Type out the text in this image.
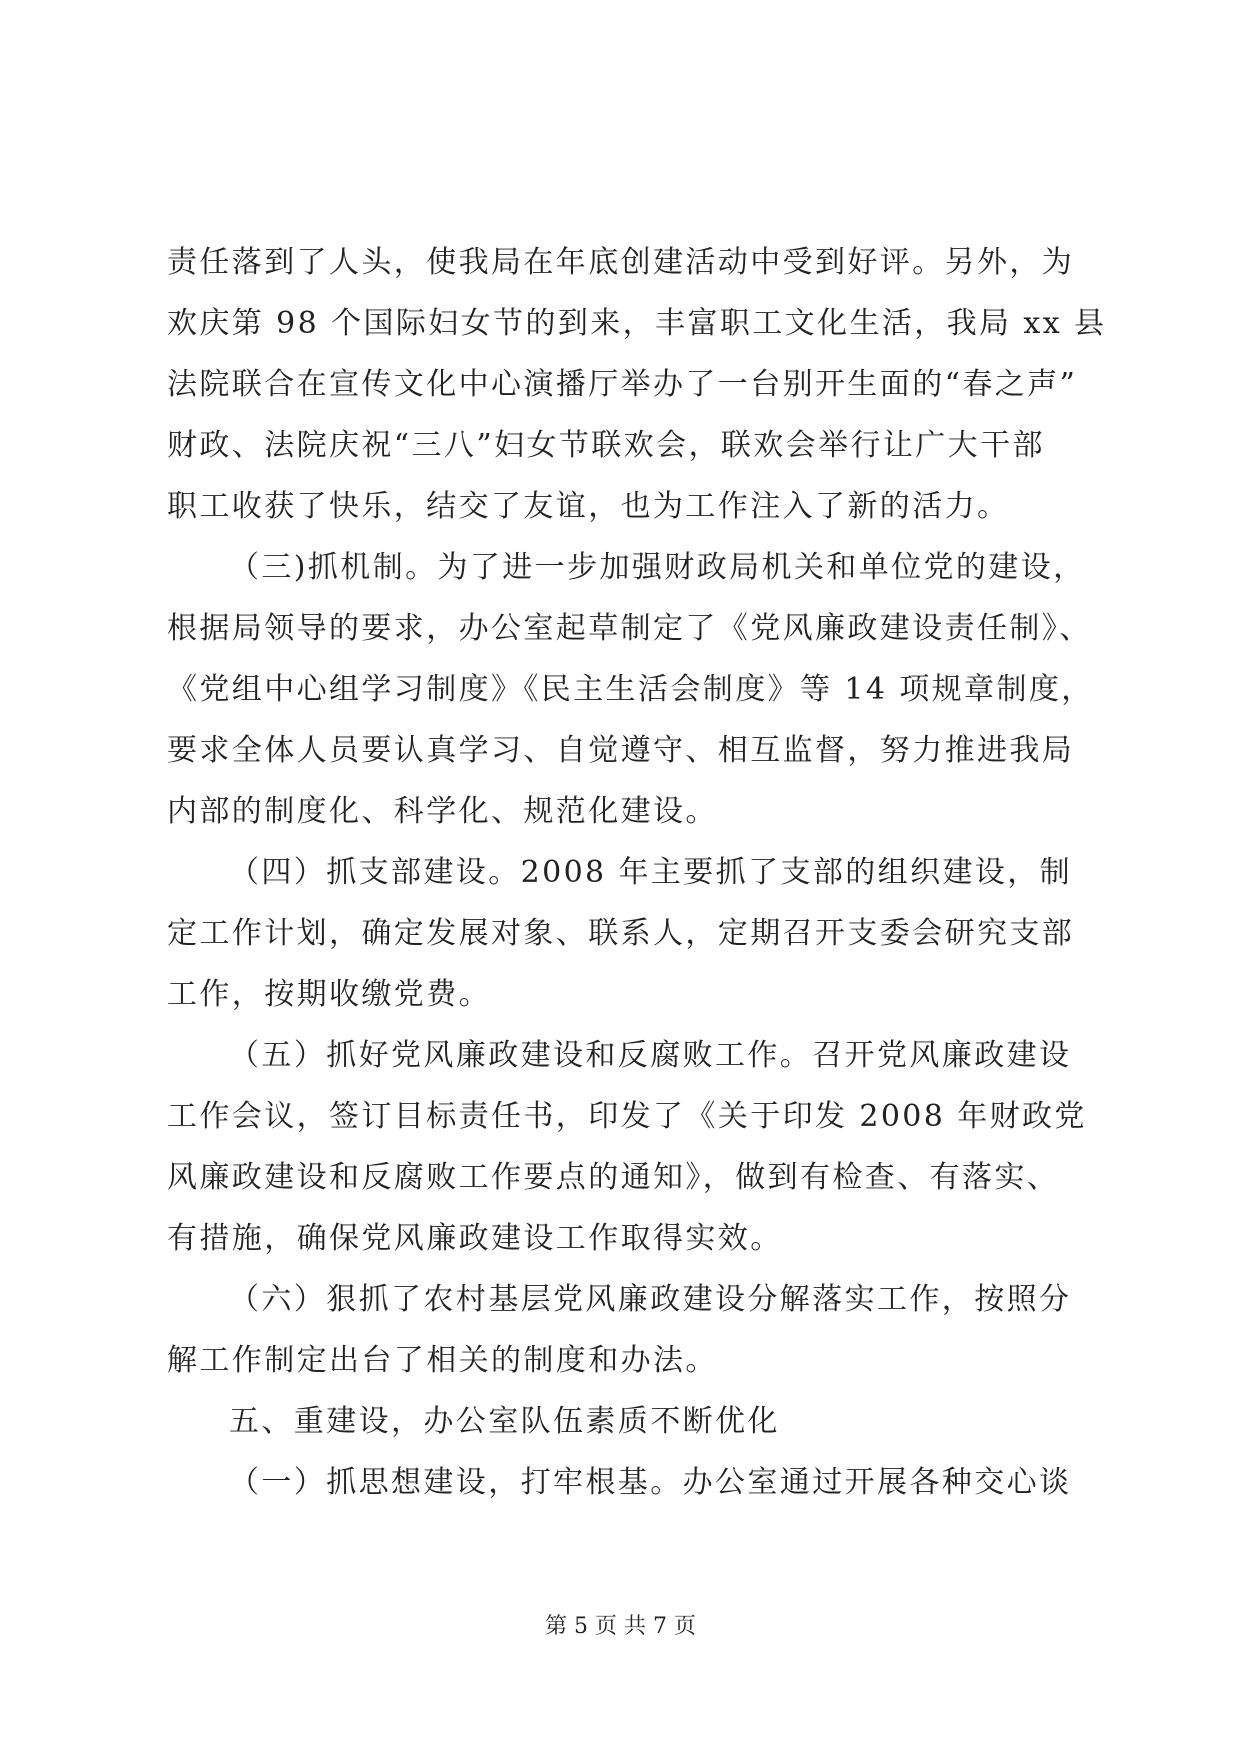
责任落到了人头，使我局在年底创建活动中受到好评。另外，为
欢庆第 98 个国际妇女节的到来，丰富职工文化生活，我局 xx 县
法院联合在宣传文化中心演播厅举办了一台别开生面的“春之声”
财政、法院庆祝“三八”妇女节联欢会，联欢会举行让广大干部
职工收获了快乐，结交了友谊，也为工作注入了新的活力。
（三)抓机制。为了进一步加强财政局机关和单位党的建设，
根据局领导的要求，办公室起草制定了《党风廉政建设责任制》、
《党组中心组学习制度》《民主生活会制度》等 14 项规章制度，
要求全体人员要认真学习、自觉遵守、相互监督，努力推进我局
内部的制度化、科学化、规范化建设。
（四）抓支部建设。2008 年主要抓了支部的组织建设，制
定工作计划，确定发展对象、联系人，定期召开支委会研究支部
工作，按期收缴党费。
（五）抓好党风廉政建设和反腐败工作。召开党风廉政建设
工作会议，签订目标责任书，印发了《关于印发 2008 年财政党
风廉政建设和反腐败工作要点的通知》，做到有检查、有落实、
有措施，确保党风廉政建设工作取得实效。
（六）狠抓了农村基层党风廉政建设分解落实工作，按照分
解工作制定出台了相关的制度和办法。
五、重建设，办公室队伍素质不断优化
（一）抓思想建设，打牢根基。办公室通过开展各种交心谈
第 5 页 共 7 页
